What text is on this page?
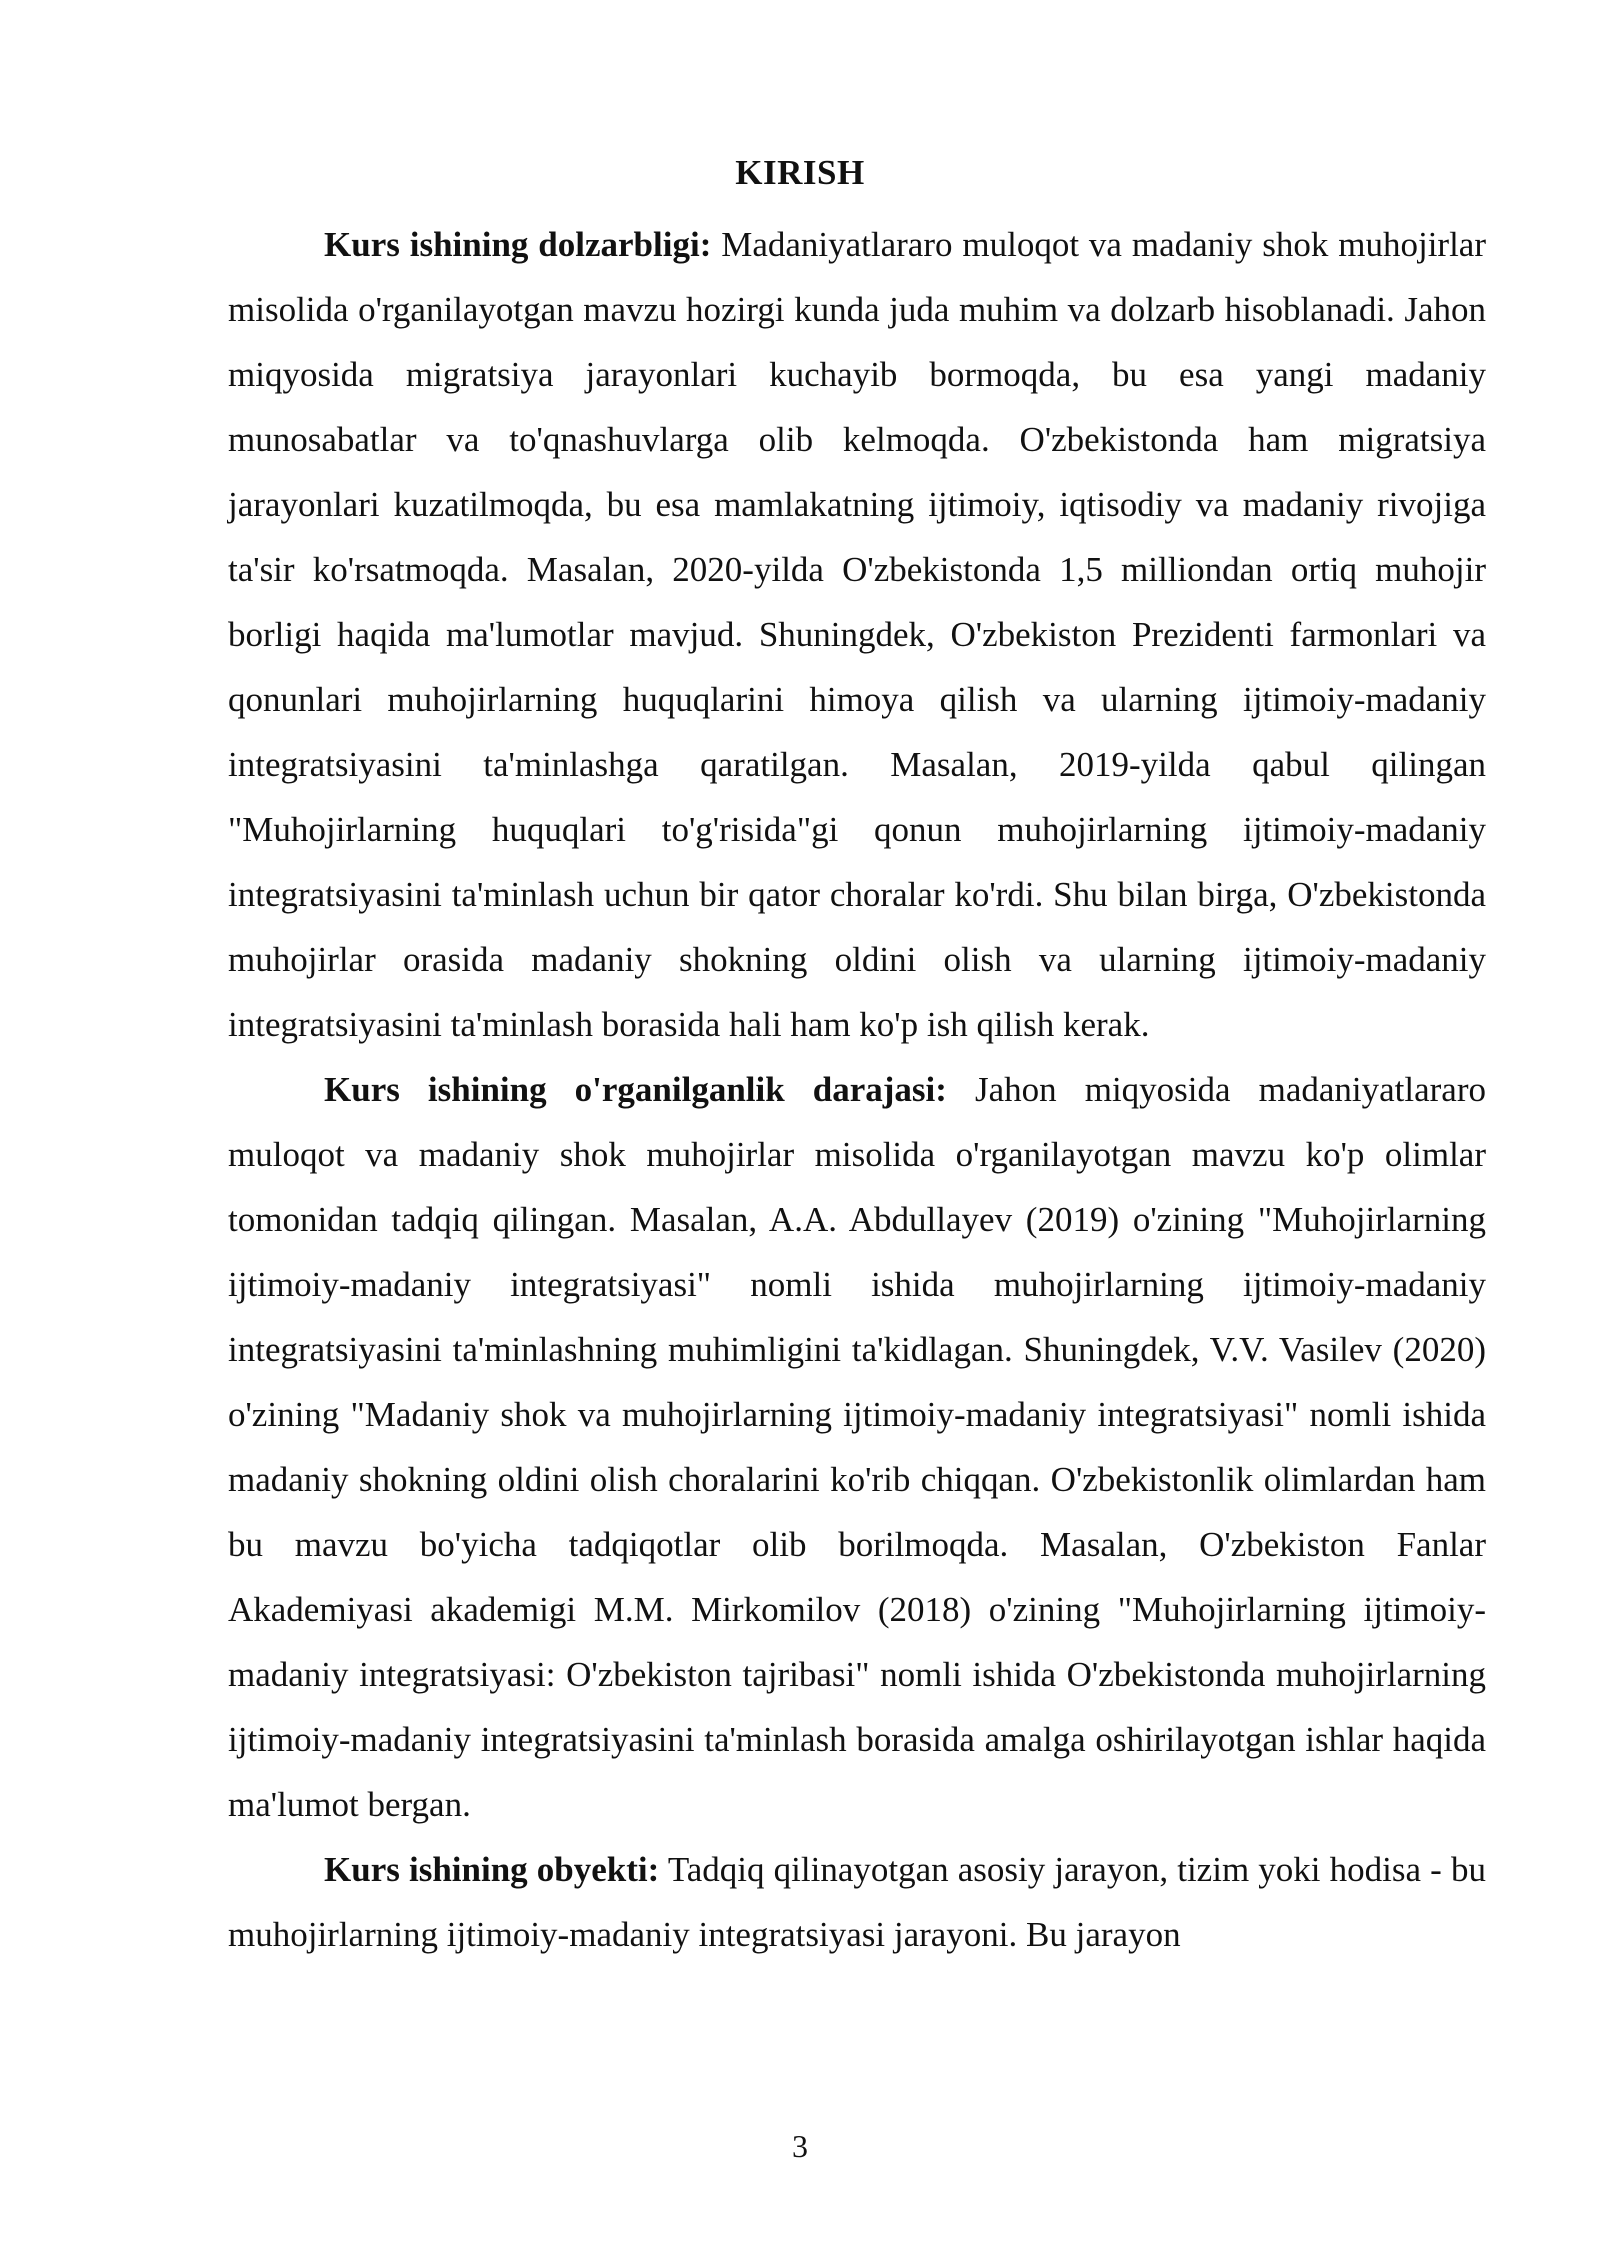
KIRISH

Kurs ishining dolzarbligi: Madaniyatlararo muloqot va madaniy shok muhojirlar misolida o'rganilayotgan mavzu hozirgi kunda juda muhim va dolzarb hisoblanadi. Jahon miqyosida migratsiya jarayonlari kuchayib bormoqda, bu esa yangi madaniy munosabatlar va to'qnashuvlarga olib kelmoqda. O'zbekistonda ham migratsiya jarayonlari kuzatilmoqda, bu esa mamlakatning ijtimoiy, iqtisodiy va madaniy rivojiga ta'sir ko'rsatmoqda. Masalan, 2020-yilda O'zbekistonda 1,5 milliondan ortiq muhojir borligi haqida ma'lumotlar mavjud. Shuningdek, O'zbekiston Prezidenti farmonlari va qonunlari muhojirlarning huquqlarini himoya qilish va ularning ijtimoiy-madaniy integratsiyasini ta'minlashga qaratilgan. Masalan, 2019-yilda qabul qilingan "Muhojirlarning huquqlari to'g'risida"gi qonun muhojirlarning ijtimoiy-madaniy integratsiyasini ta'minlash uchun bir qator choralar ko'rdi. Shu bilan birga, O'zbekistonda muhojirlar orasida madaniy shokning oldini olish va ularning ijtimoiy-madaniy integratsiyasini ta'minlash borasida hali ham ko'p ish qilish kerak.

Kurs ishining o'rganilganlik darajasi: Jahon miqyosida madaniyatlararo muloqot va madaniy shok muhojirlar misolida o'rganilayotgan mavzu ko'p olimlar tomonidan tadqiq qilingan. Masalan, A.A. Abdullayev (2019) o'zining "Muhojirlarning ijtimoiy-madaniy integratsiyasi" nomli ishida muhojirlarning ijtimoiy-madaniy integratsiyasini ta'minlashning muhimligini ta'kidlagan. Shuningdek, V.V. Vasilev (2020) o'zining "Madaniy shok va muhojirlarning ijtimoiy-madaniy integratsiyasi" nomli ishida madaniy shokning oldini olish choralarini ko'rib chiqqan. O'zbekistonlik olimlardan ham bu mavzu bo'yicha tadqiqotlar olib borilmoqda. Masalan, O'zbekiston Fanlar Akademiyasi akademigi M.M. Mirkomilov (2018) o'zining "Muhojirlarning ijtimoiy-madaniy integratsiyasi: O'zbekiston tajribasi" nomli ishida O'zbekistonda muhojirlarning ijtimoiy-madaniy integratsiyasini ta'minlash borasida amalga oshirilayotgan ishlar haqida ma'lumot bergan.

Kurs ishining obyekti: Tadqiq qilinayotgan asosiy jarayon, tizim yoki hodisa - bu muhojirlarning ijtimoiy-madaniy integratsiyasi jarayoni. Bu jarayon

3
